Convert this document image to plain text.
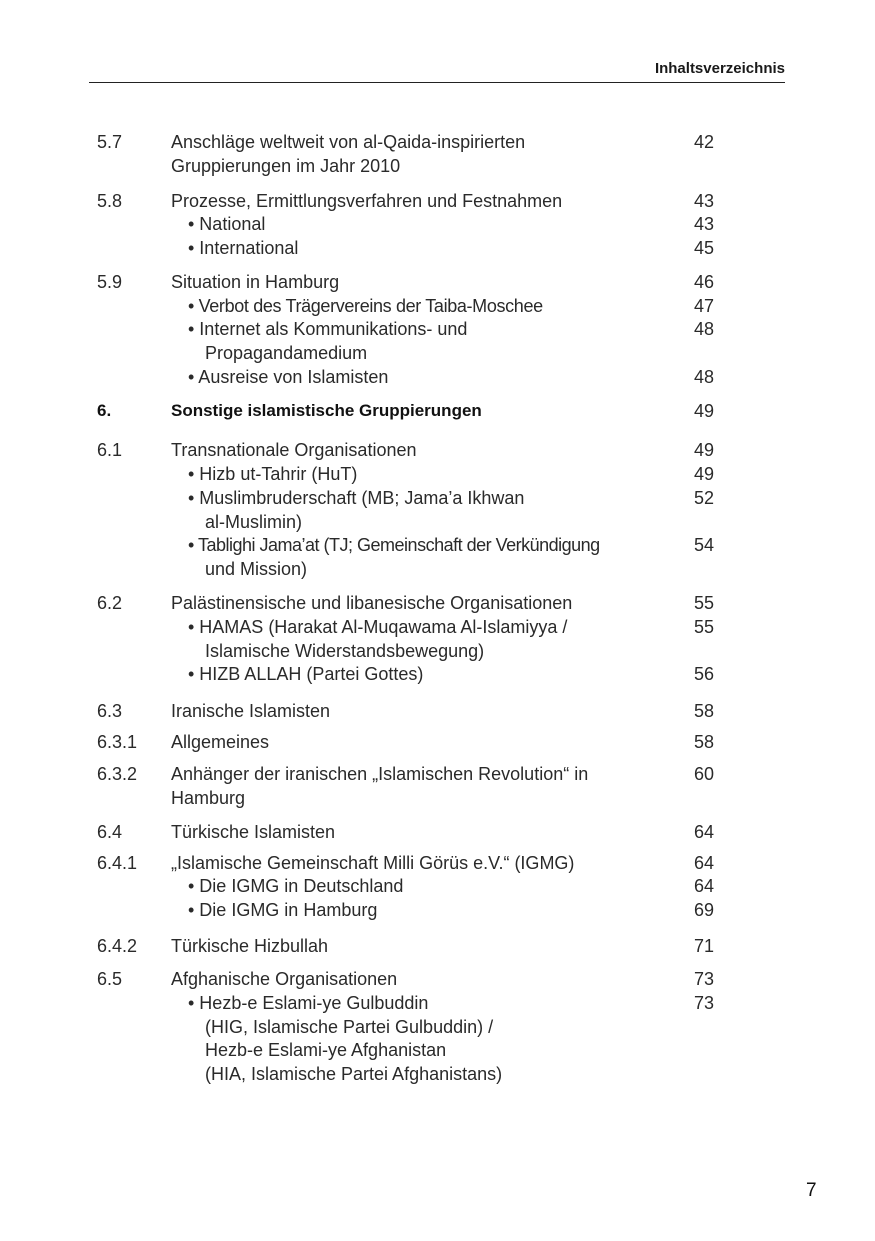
Inhaltsverzeichnis
5.7	Anschläge weltweit von al-Qaida-inspirierten	42
Gruppierungen im Jahr 2010
5.8	Prozesse, Ermittlungsverfahren und Festnahmen	43
• National	43
• International	45
5.9	Situation in Hamburg	46
• Verbot des Trägervereins der Taiba-Moschee	47
• Internet als Kommunikations- und	48
Propagandamedium
• Ausreise von Islamisten	48
6.	Sonstige islamistische Gruppierungen	49
6.1	Transnationale Organisationen	49
• Hizb ut-Tahrir (HuT)	49
• Muslimbruderschaft (MB; Jama’a Ikhwan	52
al-Muslimin)
• Tablighi Jama’at (TJ; Gemeinschaft der Verkündigung	54
und Mission)
6.2	Palästinensische und libanesische Organisationen	55
• HAMAS (Harakat Al-Muqawama Al-Islamiyya /	55
Islamische Widerstandsbewegung)
• HIZB ALLAH (Partei Gottes)	56
6.3	Iranische Islamisten	58
6.3.1 Allgemeines	58
6.3.2 Anhänger der iranischen „Islamischen Revolution“ in	60
Hamburg
6.4	Türkische Islamisten	64
6.4.1 „Islamische Gemeinschaft Milli Görüs e.V.“ (IGMG)	64
• Die IGMG in Deutschland	64
• Die IGMG in Hamburg	69
6.4.2 Türkische Hizbullah	71
6.5	Afghanische Organisationen	73
• Hezb-e Eslami-ye Gulbuddin	73
(HIG, Islamische Partei Gulbuddin) /
Hezb-e Eslami-ye Afghanistan
(HIA, Islamische Partei Afghanistans)
7
